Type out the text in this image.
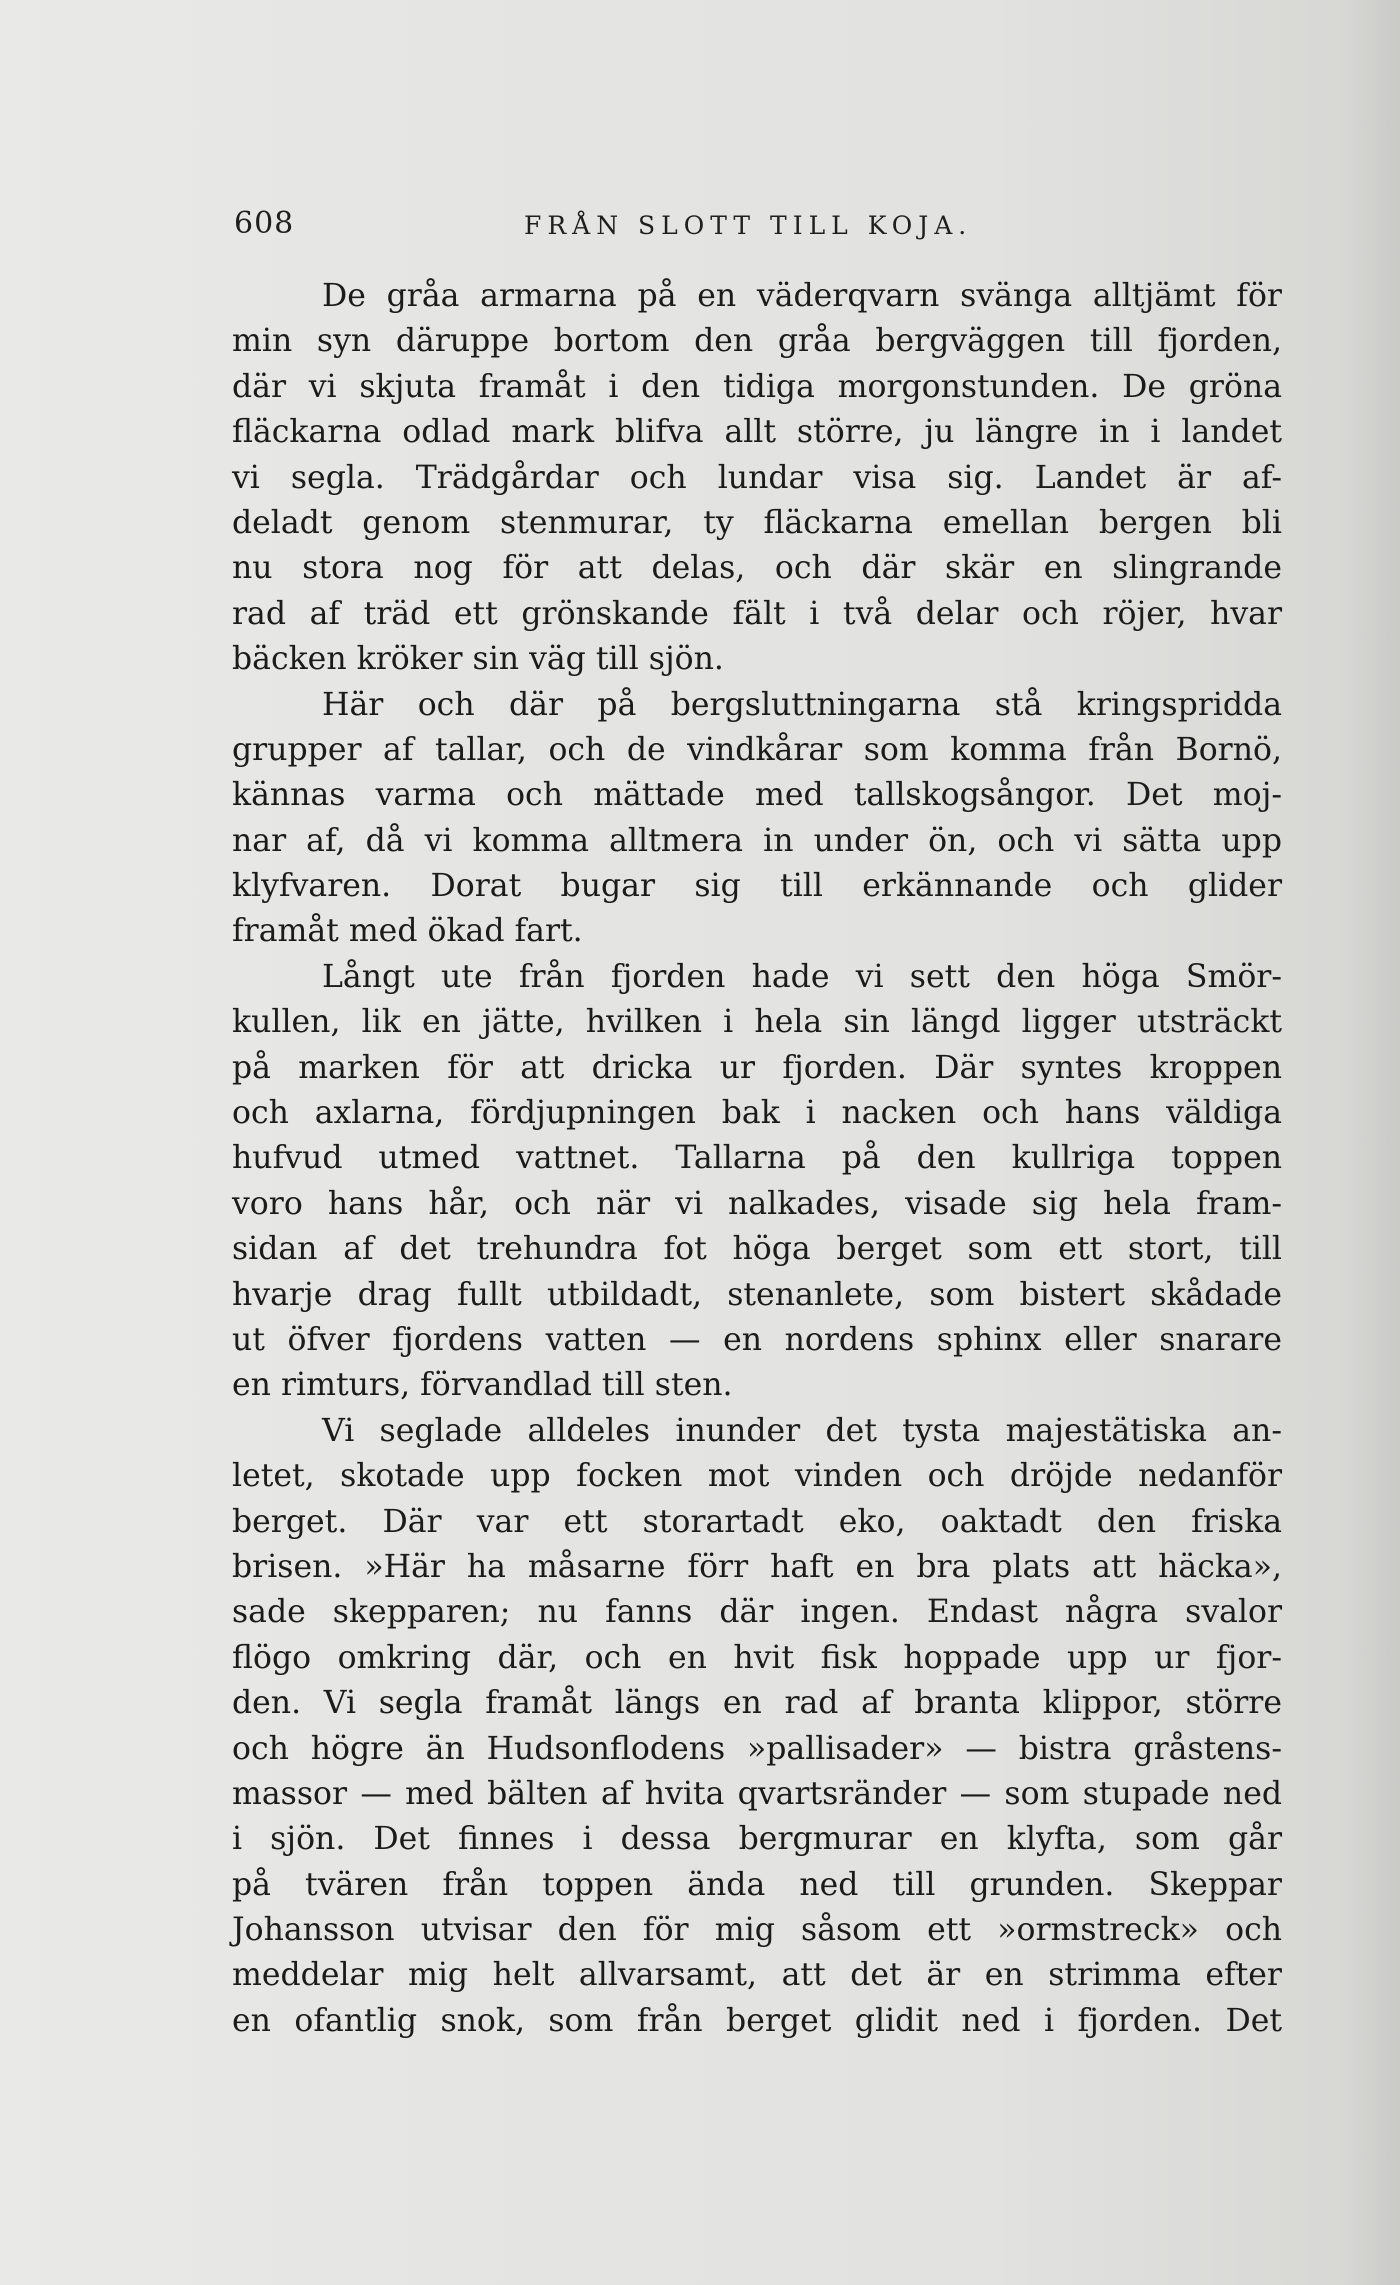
608	FRÅN SLOTT TILL KOJA.
De gråa armarna på en väderqvarn svänga alltjämt för
min syn däruppe bortom den gråa bergväggen till fjorden,
där vi skjuta framåt i den tidiga morgonstunden. De gröna
fläckarna odlad mark blifva allt större, ju längre in i landet
vi segla. Trädgårdar och lundar visa sig. Landet är af-
deladt genom stenmurar, ty fläckarna emellan bergen bli
nu stora nog för att delas, och där skär en slingrande
rad af träd ett grönskande fält i två delar och röjer, hvar
bäcken kröker sin väg till sjön.
Här och där på bergsluttningarna stå kringspridda
grupper af tallar, och de vindkårar som komma från Bornö,
kännas varma och mättade med tallskogsångor. Det moj-
nar af, då vi komma alltmera in under ön, och vi sätta upp
klyfvaren. Dorat bugar sig till erkännande och glider
framåt med ökad fart.
Långt ute från fjorden hade vi sett den höga Smör-
kullen, lik en jätte, hvilken i hela sin längd ligger utsträckt
på marken för att dricka ur fjorden. Där syntes kroppen
och axlarna, fördjupningen bak i nacken och hans väldiga
hufvud utmed vattnet. Tallarna på den kullriga toppen
voro hans hår, och när vi nalkades, visade sig hela fram-
sidan af det trehundra fot höga berget som ett stort, till
hvarje drag fullt utbildadt, stenanlete, som bistert skådade
ut öfver fjordens vatten — en nordens sphinx eller snarare
en rimturs, förvandlad till sten.
Vi seglade alldeles inunder det tysta majestätiska an-
letet, skotade upp focken mot vinden och dröjde nedanför
berget. Där var ett storartadt eko, oaktadt den friska
brisen. »Här ha måsarne förr haft en bra plats att häcka»,
sade skepparen; nu fanns där ingen. Endast några svalor
flögo omkring där, och en hvit fisk hoppade upp ur fjor-
den. Vi segla framåt längs en rad af branta klippor, större
och högre än Hudsonflodens »pallisader» — bistra gråstens-
massor — med bälten af hvita qvartsränder — som stupade ned
i sjön. Det finnes i dessa bergmurar en klyfta, som går
på tvären från toppen ända ned till grunden. Skeppar
Johansson utvisar den för mig såsom ett »ormstreck» och
meddelar mig helt allvarsamt, att det är en strimma efter
en ofantlig snok, som från berget glidit ned i fjorden. Det
